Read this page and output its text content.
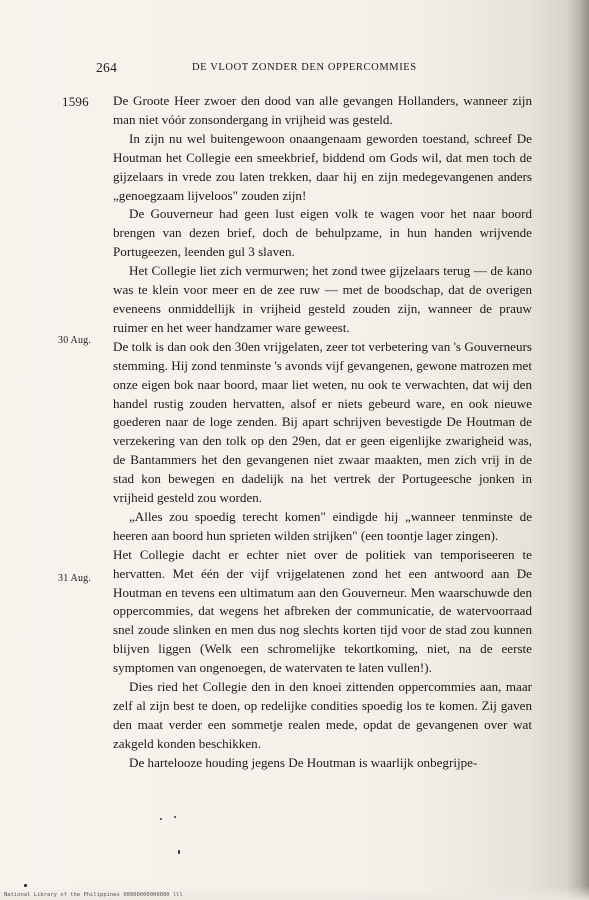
264	DE VLOOT ZONDER DEN OPPERCOMMIES
1596
30 Aug.
31 Aug.

De Groote Heer zwoer den dood van alle gevangen Hollanders, wanneer zijn man niet vóór zonsondergang in vrijheid was gesteld.

In zijn nu wel buitengewoon onaangenaam geworden toestand, schreef De Houtman het Collegie een smeekbrief, biddend om Gods wil, dat men toch de gijzelaars in vrede zou laten trekken, daar hij en zijn medegevangenen anders „genoegzaam lijveloos" zouden zijn!

De Gouverneur had geen lust eigen volk te wagen voor het naar boord brengen van dezen brief, doch de behulpzame, in hun handen wrijvende Portugeezen, leenden gul 3 slaven.

Het Collegie liet zich vermurwen; het zond twee gijzelaars terug — de kano was te klein voor meer en de zee ruw — met de boodschap, dat de overigen eveneens onmiddellijk in vrijheid gesteld zouden zijn, wanneer de prauw ruimer en het weer handzamer ware geweest.

De tolk is dan ook den 30en vrijgelaten, zeer tot verbetering van 's Gouverneurs stemming. Hij zond tenminste 's avonds vijf gevangenen, gewone matrozen met onze eigen bok naar boord, maar liet weten, nu ook te verwachten, dat wij den handel rustig zouden hervatten, alsof er niets gebeurd ware, en ook nieuwe goederen naar de loge zenden. Bij apart schrijven bevestigde De Houtman de verzekering van den tolk op den 29en, dat er geen eigenlijke zwarigheid was, de Bantammers het den gevangenen niet zwaar maakten, men zich vrij in de stad kon bewegen en dadelijk na het vertrek der Portugeesche jonken in vrijheid gesteld zou worden.

„Alles zou spoedig terecht komen" eindigde hij „wanneer tenminste de heeren aan boord hun sprieten wilden strijken" (een toontje lager zingen).

Het Collegie dacht er echter niet over de politiek van temporiseeren te hervatten. Met één der vijf vrijgelatenen zond het een antwoord aan De Houtman en tevens een ultimatum aan den Gouverneur. Men waarschuwde den oppercommies, dat wegens het afbreken der communicatie, de watervoorraad snel zoude slinken en men dus nog slechts korten tijd voor de stad zou kunnen blijven liggen (Welk een schromelijke tekortkoming, niet, na de eerste symptomen van ongenoegen, de watervaten te laten vullen!).

Dies ried het Collegie den in den knoei zittenden oppercommies aan, maar zelf al zijn best te doen, op redelijke condities spoedig los te komen. Zij gaven den maat verder een sommetje realen mede, opdat de gevangenen over wat zakgeld konden beschikken.

De hartelooze houding jegens De Houtman is waarlijk onbegrijpe-

National Library of the Philippines 00000000000000 lll
